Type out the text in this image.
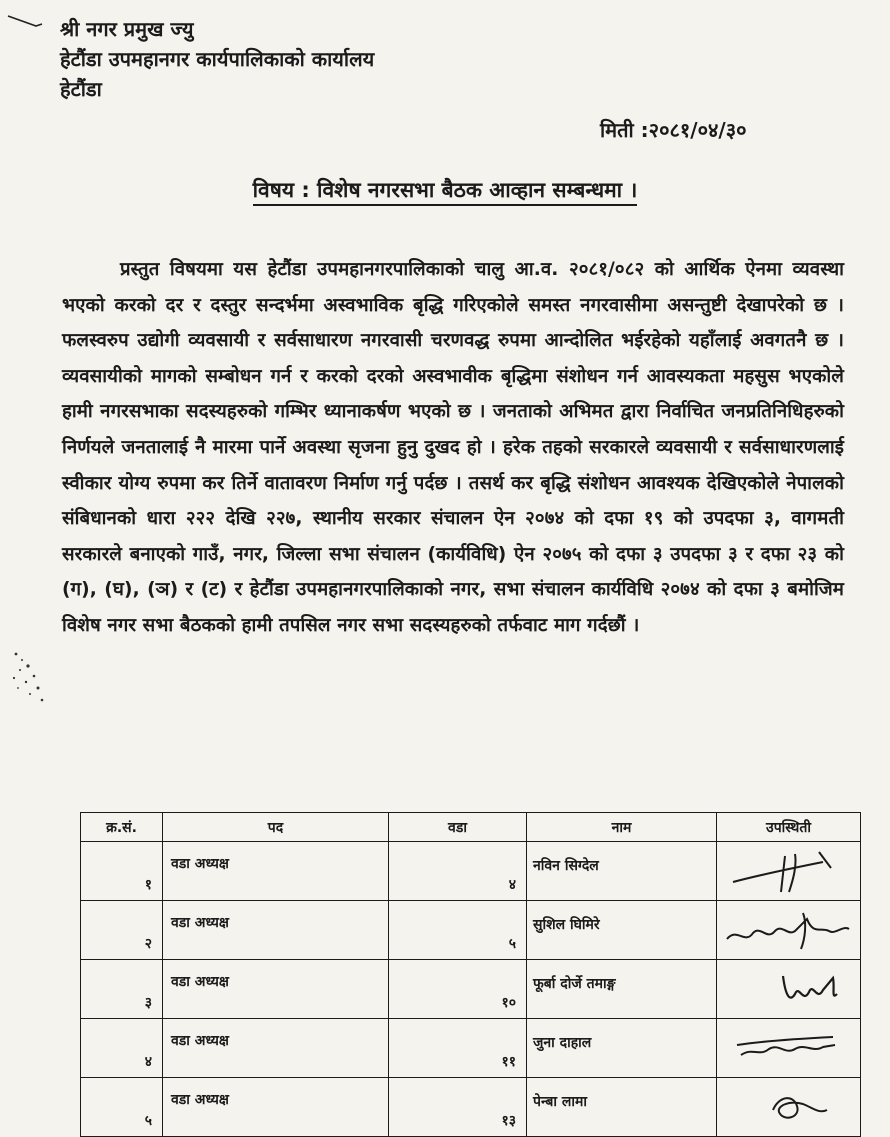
श्री नगर प्रमुख ज्यु
हेटौंडा उपमहानगर कार्यपालिकाको कार्यालय
हेटौंडा
मिती :२०८१/०४/३०
विषय : विशेष नगरसभा बैठक आव्हान सम्बन्धमा ।
प्रस्तुत विषयमा यस हेटौंडा उपमहानगरपालिकाको चालु आ.व. २०८१/०८२ को आर्थिक ऐनमा व्यवस्था भएको करको दर र दस्तुर सन्दर्भमा अस्वभाविक बृद्धि गरिएकोले समस्त नगरवासीमा असन्तुष्टी देखापरेको छ । फलस्वरुप उद्योगी व्यवसायी र सर्वसाधारण नगरवासी चरणवद्ध रुपमा आन्दोलित भईरहेको यहाँलाई अवगतनै छ । व्यवसायीको मागको सम्बोधन गर्न र करको दरको अस्वभावीक बृद्धिमा संशोधन गर्न आवस्यकता महसुस भएकोले हामी नगरसभाका सदस्यहरुको गम्भिर ध्यानाकर्षण भएको छ । जनताको अभिमत द्वारा निर्वाचित जनप्रतिनिधिहरुको निर्णयले जनतालाई नै मारमा पार्ने अवस्था सृजना हुनु दुखद हो । हरेक तहको सरकारले व्यवसायी र सर्वसाधारणलाई स्वीकार योग्य रुपमा कर तिर्ने वातावरण निर्माण गर्नु पर्दछ । तसर्थ कर बृद्धि संशोधन आवश्यक देखिएकोले नेपालको संबिधानको धारा २२२ देखि २२७, स्थानीय सरकार संचालन ऐन २०७४ को दफा १९ को उपदफा ३, वागमती सरकारले बनाएको गाउँ, नगर, जिल्ला सभा संचालन (कार्यविधि) ऐन २०७५ को दफा ३ उपदफा ३ र दफा २३ को (ग), (घ), (ञ) र (ट) र हेटौंडा उपमहानगरपालिकाको नगर, सभा संचालन कार्यविधि २०७४ को दफा ३ बमोजिम विशेष नगर सभा बैठकको हामी तपसिल नगर सभा सदस्यहरुको तर्फवाट माग गर्दछौं ।
क्र.सं.	पद	वडा	नाम	उपस्थिती

१	वडा अध्यक्ष	४	नविन सिग्देल

२	वडा अध्यक्ष	५	सुशिल घिमिरे

३	वडा अध्यक्ष	१०	फूर्बा दोर्जे तमाङ्ग

४	वडा अध्यक्ष	११	जुना दाहाल

५	वडा अध्यक्ष	१३	पेन्बा लामा
